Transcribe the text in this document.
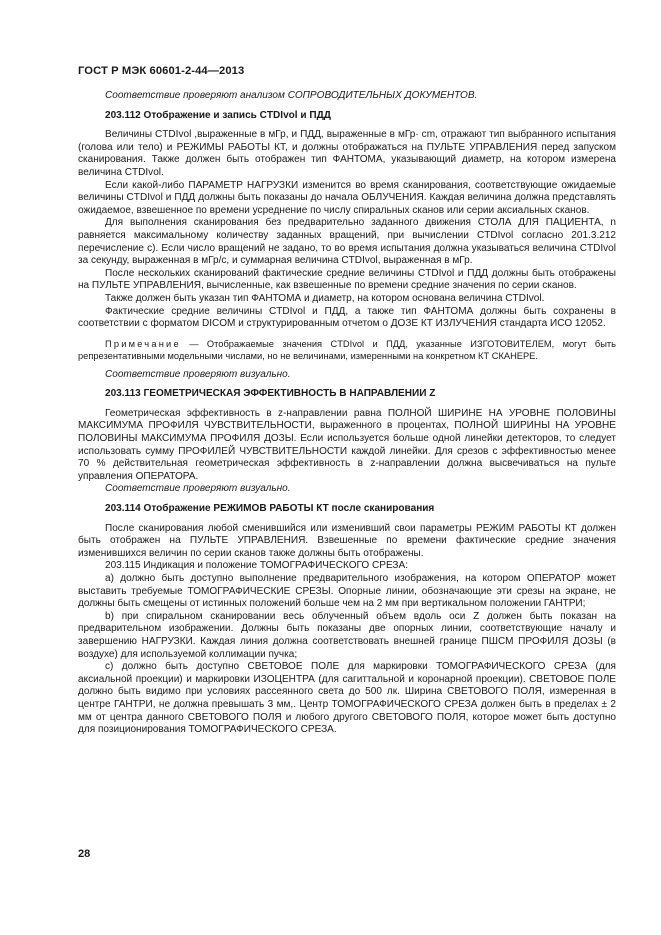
ГОСТ Р МЭК 60601-2-44—2013

Соответствие проверяют анализом СОПРОВОДИТЕЛЬНЫХ ДОКУМЕНТОВ.

203.112 Отображение и запись CTDIvol и ПДД

Величины CTDIvol ,выраженные в мГр, и ПДД, выраженные в мГр· cm, отражают тип выбранного испытания (голова или тело) и РЕЖИМЫ РАБОТЫ КТ, и должны отображаться на ПУЛЬТЕ УПРАВЛЕНИЯ перед запуском сканирования. Также должен быть отображен тип ФАНТОМА, указывающий диаметр, на котором измерена величина CTDIvol.

Если какой-либо ПАРАМЕТР НАГРУЗКИ изменится во время сканирования, соответствующие ожидаемые величины CTDIvol и ПДД должны быть показаны до начала ОБЛУЧЕНИЯ. Каждая величина должна представлять ожидаемое, взвешенное по времени усреднение по числу спиральных сканов или серии аксиальных сканов.

Для выполнения сканирования без предварительно заданного движения СТОЛА ДЛЯ ПАЦИЕНТА, n равняется максимальному количеству заданных вращений, при вычислении CTDIvol согласно 201.3.212 перечисление с). Если число вращений не задано, то во время испытания должна указываться величина CTDIvol за секунду, выраженная в мГр/с, и суммарная величина CTDIvol, выраженная в мГр.

После нескольких сканирований фактические средние величины CTDIvol и ПДД должны быть отображены на ПУЛЬТЕ УПРАВЛЕНИЯ, вычисленные, как взвешенные по времени средние значения по серии сканов.

Также должен быть указан тип ФАНТОМА и диаметр, на котором основана величина CTDIvol.

Фактические средние величины CTDIvol и ПДД, а также тип ФАНТОМА должны быть сохранены в соответствии с форматом DICOM и структурированным отчетом о ДОЗЕ КТ ИЗЛУЧЕНИЯ стандарта ИСО 12052.

Примечание — Отображаемые значения CTDIvol и ПДД, указанные ИЗГОТОВИТЕЛЕМ, могут быть репрезентативными модельными числами, но не величинами, измеренными на конкретном КТ СКАНЕРЕ.

Соответствие проверяют визуально.

203.113 ГЕОМЕТРИЧЕСКАЯ ЭФФЕКТИВНОСТЬ В НАПРАВЛЕНИИ Z

Геометрическая эффективность в z-направлении равна ПОЛНОЙ ШИРИНЕ НА УРОВНЕ ПОЛОВИНЫ МАКСИМУМА ПРОФИЛЯ ЧУВСТВИТЕЛЬНОСТИ, выраженного в процентах, ПОЛНОЙ ШИРИНЫ НА УРОВНЕ ПОЛОВИНЫ МАКСИМУМА ПРОФИЛЯ ДОЗЫ. Если используется больше одной линейки детекторов, то следует использовать сумму ПРОФИЛЕЙ ЧУВСТВИТЕЛЬНОСТИ каждой линейки. Для срезов с эффективностью менее 70 % действительная геометрическая эффективность в z-направлении должна высвечиваться на пульте управления ОПЕРАТОРА.

Соответствие проверяют визуально.

203.114 Отображение РЕЖИМОВ РАБОТЫ КТ после сканирования

После сканирования любой сменившийся или изменивший свои параметры РЕЖИМ РАБОТЫ КТ должен быть отображен на ПУЛЬТЕ УПРАВЛЕНИЯ. Взвешенные по времени фактические средние значения изменившихся величин по серии сканов также должны быть отображены.

203.115 Индикация и положение ТОМОГРАФИЧЕСКОГО СРЕЗА:

a) должно быть доступно выполнение предварительного изображения, на котором ОПЕРАТОР может выставить требуемые ТОМОГРАФИЧЕСКИЕ СРЕЗЫ. Опорные линии, обозначающие эти срезы на экране, не должны быть смещены от истинных положений больше чем на 2 мм при вертикальном положении ГАНТРИ;

b) при спиральном сканировании весь облученный объем вдоль оси Z должен быть показан на предварительном изображении. Должны быть показаны две опорных линии, соответствующие началу и завершению НАГРУЗКИ. Каждая линия должна соответствовать внешней границе ПШСМ ПРОФИЛЯ ДОЗЫ (в воздухе) для используемой коллимации пучка;

c) должно быть доступно СВЕТОВОЕ ПОЛЕ для маркировки ТОМОГРАФИЧЕСКОГО СРЕЗА (для аксиальной проекции) и маркировки ИЗОЦЕНТРА (для сагиттальной и коронарной проекции). СВЕТОВОЕ ПОЛЕ должно быть видимо при условиях рассеянного света до 500 лк. Ширина СВЕТОВОГО ПОЛЯ, измеренная в центре ГАНТРИ, не должна превышать 3 мм,. Центр ТОМОГРАФИЧЕСКОГО СРЕЗА должен быть в пределах ± 2 мм от центра данного СВЕТОВОГО ПОЛЯ и любого другого СВЕТОВОГО ПОЛЯ, которое может быть доступно для позиционирования ТОМОГРАФИЧЕСКОГО СРЕЗА.

28
